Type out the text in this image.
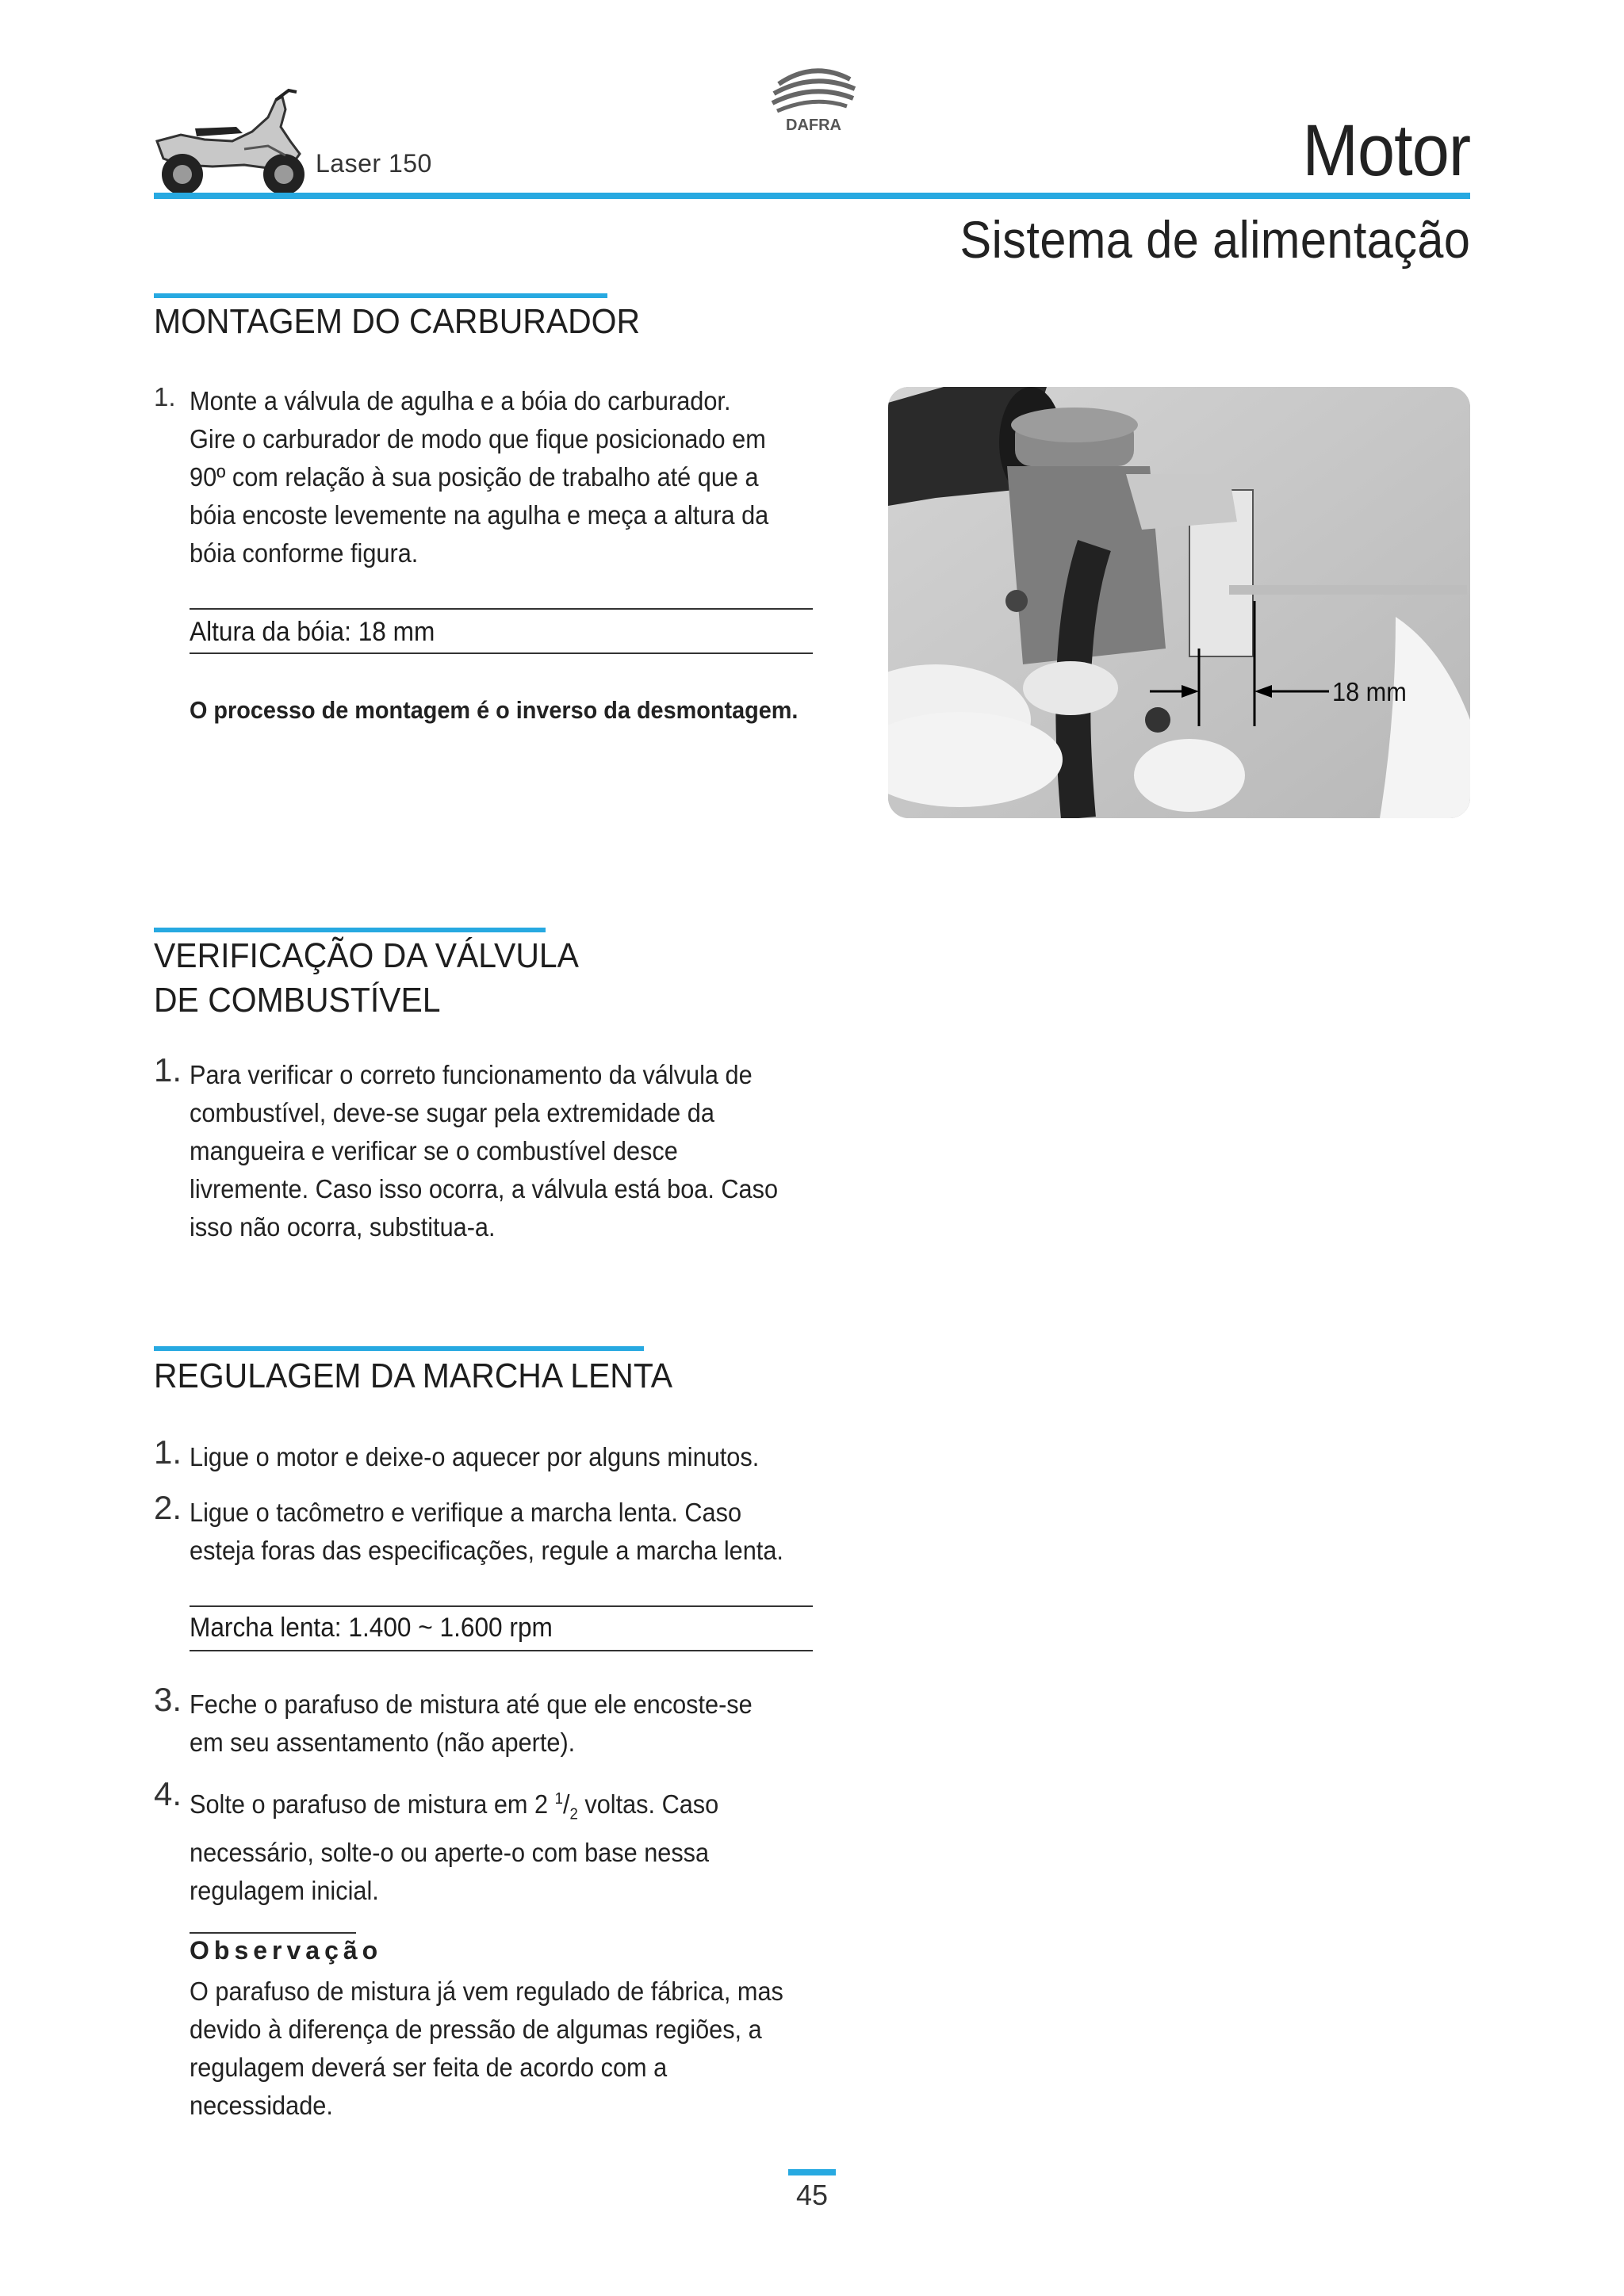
Laser 150
DAFRA	Motor
Sistema de alimentação
MONTAGEM DO CARBURADOR
1. Monte a válvula de agulha e a bóia do carburador. Gire o carburador de modo que fique posicionado em 90º com relação à sua posição de trabalho até que a bóia encoste levemente na agulha e meça a altura da bóia conforme figura.
Altura da bóia: 18 mm
O processo de montagem é o inverso da desmontagem.
18 mm
VERIFICAÇÃO DA VÁLVULA
DE COMBUSTÍVEL
1. Para verificar o correto funcionamento da válvula de combustível, deve-se sugar pela extremidade da mangueira e verificar se o combustível desce livremente. Caso isso ocorra, a válvula está boa. Caso isso não ocorra, substitua-a.
REGULAGEM DA MARCHA LENTA
1. Ligue o motor e deixe-o aquecer por alguns minutos.
2. Ligue o tacômetro e verifique a marcha lenta. Caso esteja foras das especificações, regule a marcha lenta.
Marcha lenta: 1.400 ~ 1.600 rpm
3. Feche o parafuso de mistura até que ele encoste-se em seu assentamento (não aperte).
4. Solte o parafuso de mistura em 2 $^1/_2$ voltas. Caso necessário, solte-o ou aperte-o com base nessa regulagem inicial.
Observação
O parafuso de mistura já vem regulado de fábrica, mas devido à diferença de pressão de algumas regiões, a regulagem deverá ser feita de acordo com a necessidade.
45
